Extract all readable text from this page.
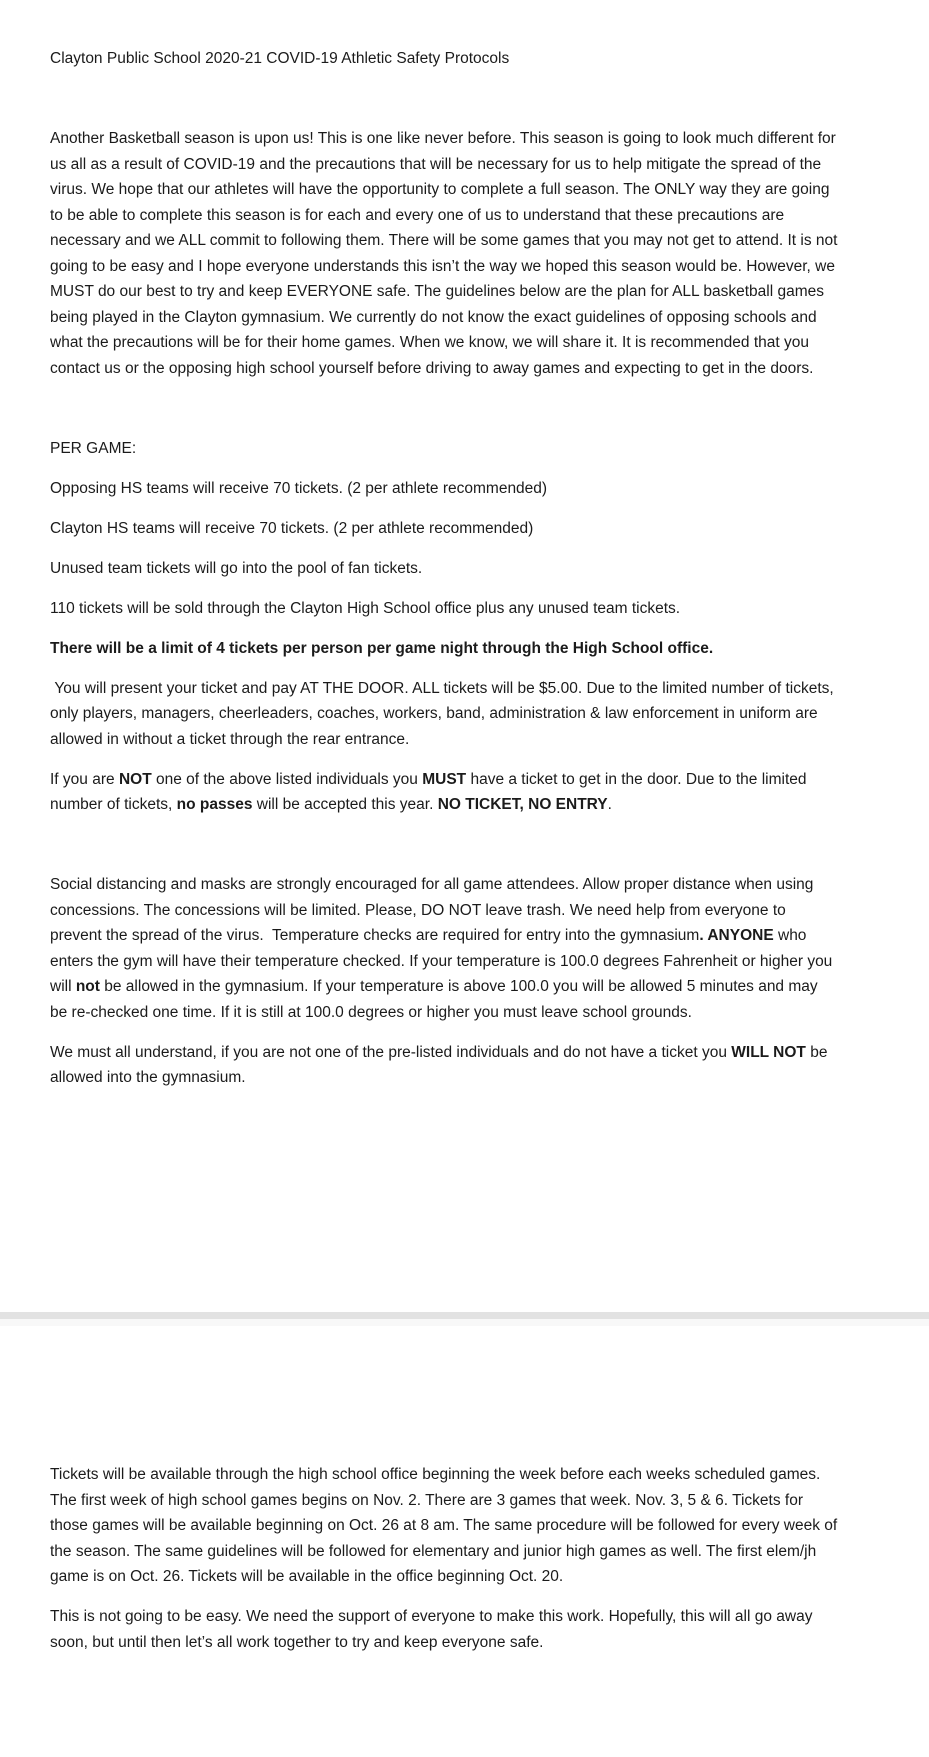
Clayton Public School 2020-21 COVID-19 Athletic Safety Protocols

Another Basketball season is upon us! This is one like never before. This season is going to look much different for us all as a result of COVID-19 and the precautions that will be necessary for us to help mitigate the spread of the virus. We hope that our athletes will have the opportunity to complete a full season. The ONLY way they are going to be able to complete this season is for each and every one of us to understand that these precautions are necessary and we ALL commit to following them. There will be some games that you may not get to attend. It is not going to be easy and I hope everyone understands this isn’t the way we hoped this season would be. However, we MUST do our best to try and keep EVERYONE safe. The guidelines below are the plan for ALL basketball games being played in the Clayton gymnasium. We currently do not know the exact guidelines of opposing schools and what the precautions will be for their home games. When we know, we will share it. It is recommended that you contact us or the opposing high school yourself before driving to away games and expecting to get in the doors.

PER GAME:

Opposing HS teams will receive 70 tickets. (2 per athlete recommended)

Clayton HS teams will receive 70 tickets. (2 per athlete recommended)

Unused team tickets will go into the pool of fan tickets.

110 tickets will be sold through the Clayton High School office plus any unused team tickets.

There will be a limit of 4 tickets per person per game night through the High School office.

You will present your ticket and pay AT THE DOOR. ALL tickets will be $5.00. Due to the limited number of tickets, only players, managers, cheerleaders, coaches, workers, band, administration & law enforcement in uniform are allowed in without a ticket through the rear entrance.

If you are NOT one of the above listed individuals you MUST have a ticket to get in the door. Due to the limited number of tickets, no passes will be accepted this year. NO TICKET, NO ENTRY.

Social distancing and masks are strongly encouraged for all game attendees. Allow proper distance when using concessions. The concessions will be limited. Please, DO NOT leave trash. We need help from everyone to prevent the spread of the virus.  Temperature checks are required for entry into the gymnasium. ANYONE who enters the gym will have their temperature checked. If your temperature is 100.0 degrees Fahrenheit or higher you will not be allowed in the gymnasium. If your temperature is above 100.0 you will be allowed 5 minutes and may be re-checked one time. If it is still at 100.0 degrees or higher you must leave school grounds.

We must all understand, if you are not one of the pre-listed individuals and do not have a ticket you WILL NOT be allowed into the gymnasium.

Tickets will be available through the high school office beginning the week before each weeks scheduled games. The first week of high school games begins on Nov. 2. There are 3 games that week. Nov. 3, 5 & 6. Tickets for those games will be available beginning on Oct. 26 at 8 am. The same procedure will be followed for every week of the season. The same guidelines will be followed for elementary and junior high games as well. The first elem/jh game is on Oct. 26. Tickets will be available in the office beginning Oct. 20.

This is not going to be easy. We need the support of everyone to make this work. Hopefully, this will all go away soon, but until then let’s all work together to try and keep everyone safe.
